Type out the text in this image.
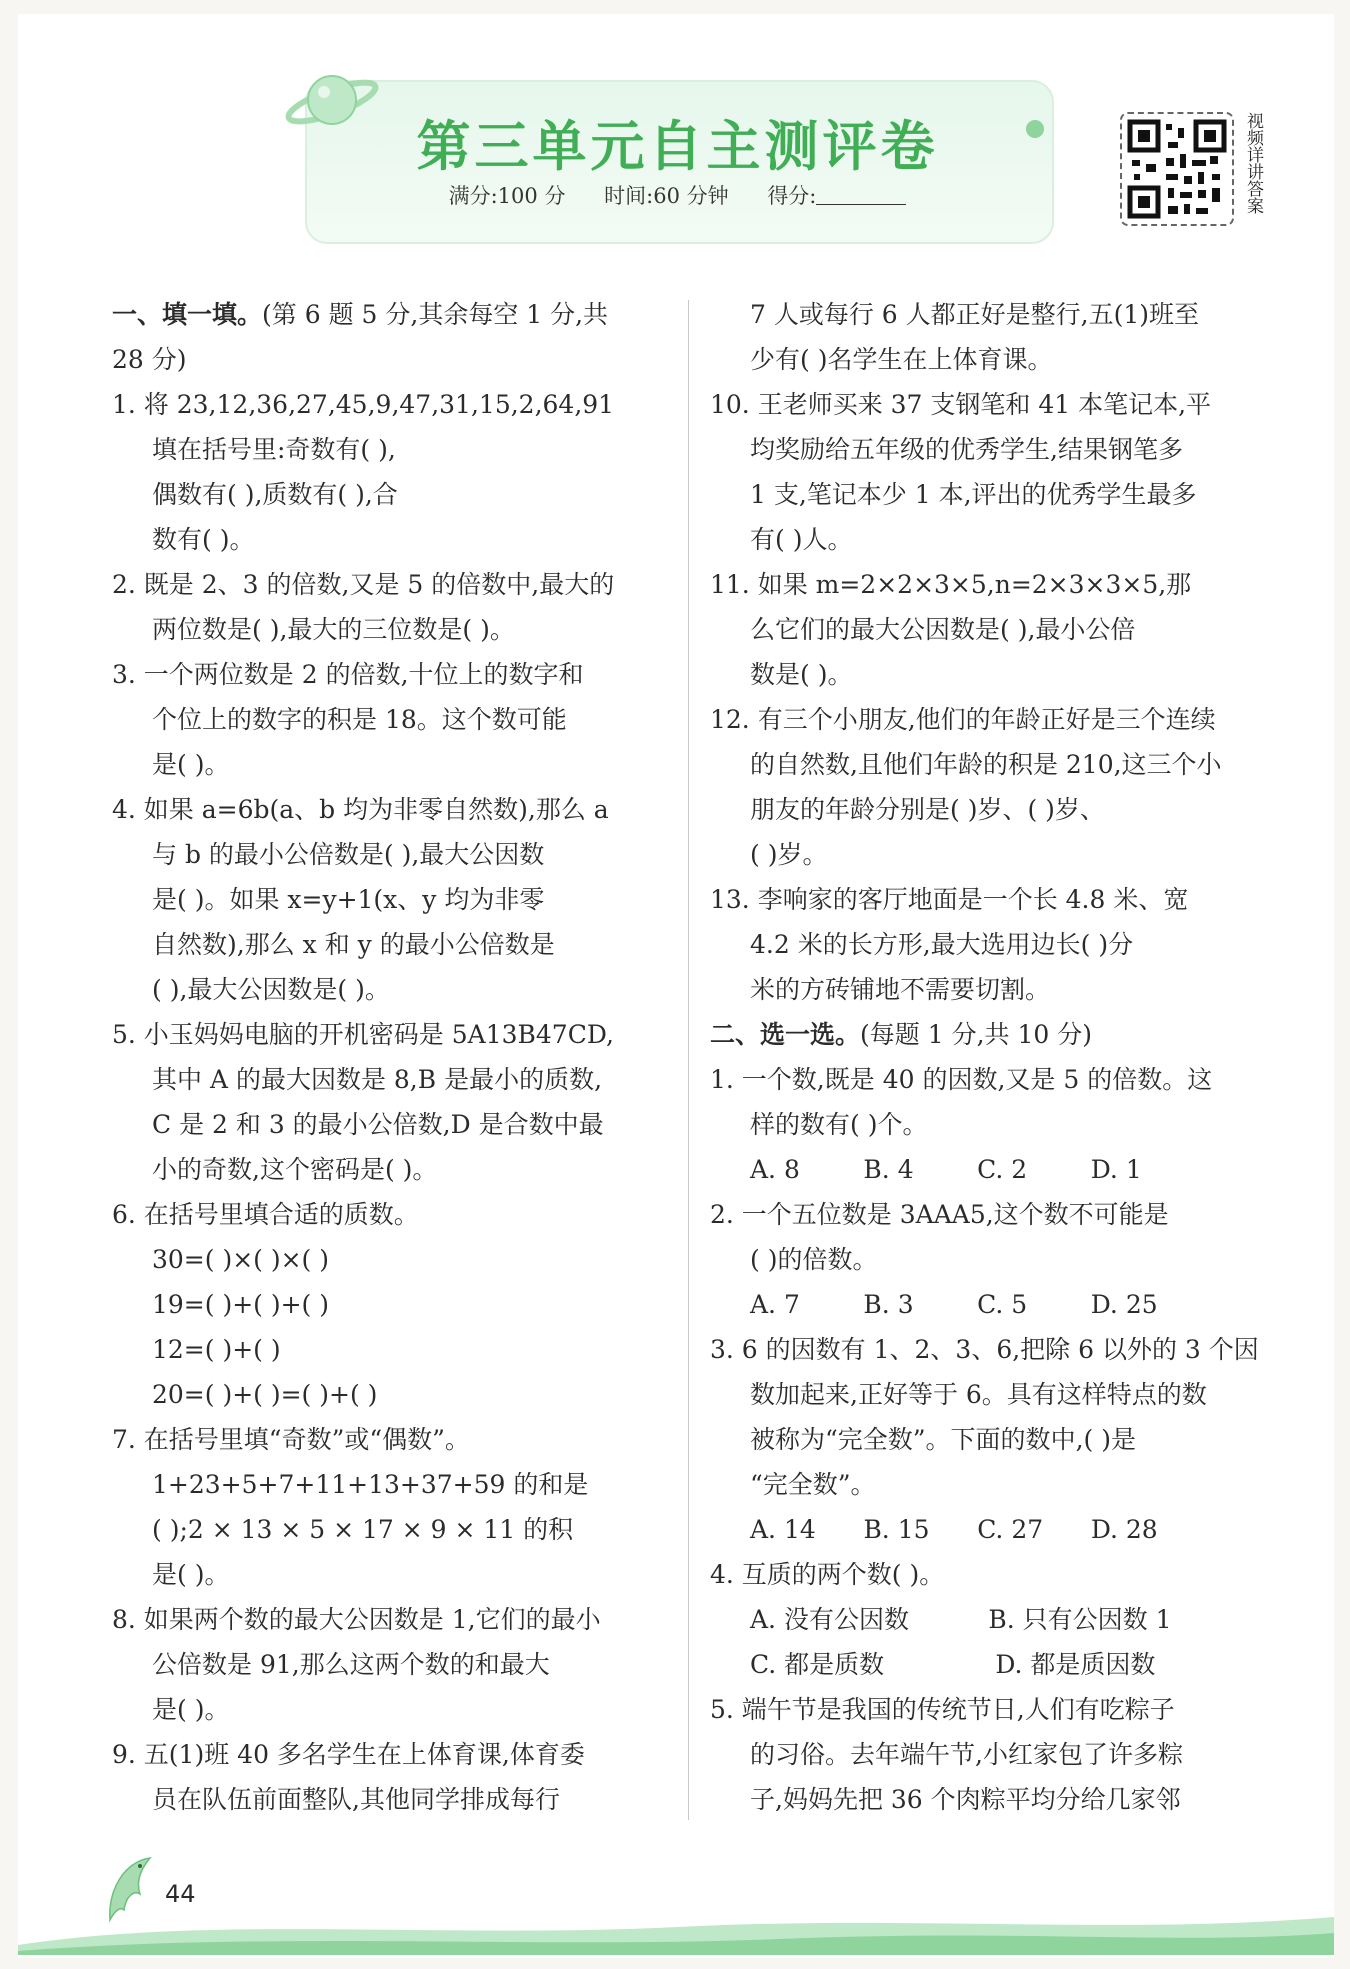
第三单元自主测评卷
满分:100 分 时间:60 分钟 得分:	视频详讲答案
一、填一填。(第 6 题 5 分,其余每空 1 分,共
28 分)
1. 将 23,12,36,27,45,9,47,31,15,2,64,91
填在括号里:奇数有( ),
偶数有( ),质数有( ),合
数有( )。
2. 既是 2、3 的倍数,又是 5 的倍数中,最大的
两位数是( ),最大的三位数是( )。
3. 一个两位数是 2 的倍数,十位上的数字和
个位上的数字的积是 18。这个数可能
是( )。
4. 如果 a=6b(a、b 均为非零自然数),那么 a
与 b 的最小公倍数是( ),最大公因数
是( )。如果 x=y+1(x、y 均为非零
自然数),那么 x 和 y 的最小公倍数是
( ),最大公因数是( )。
5. 小玉妈妈电脑的开机密码是 5A13B47CD,
其中 A 的最大因数是 8,B 是最小的质数,
C 是 2 和 3 的最小公倍数,D 是合数中最
小的奇数,这个密码是( )。
6. 在括号里填合适的质数。
30=( )×( )×( )
19=( )+( )+( )
12=( )+( )
20=( )+( )=( )+( )
7. 在括号里填“奇数”或“偶数”。
1+23+5+7+11+13+37+59 的和是
( );2 × 13 × 5 × 17 × 9 × 11 的积
是( )。
8. 如果两个数的最大公因数是 1,它们的最小
公倍数是 91,那么这两个数的和最大
是( )。
9. 五(1)班 40 多名学生在上体育课,体育委
员在队伍前面整队,其他同学排成每行
7 人或每行 6 人都正好是整行,五(1)班至
少有( )名学生在上体育课。
10. 王老师买来 37 支钢笔和 41 本笔记本,平
均奖励给五年级的优秀学生,结果钢笔多
1 支,笔记本少 1 本,评出的优秀学生最多
有( )人。
11. 如果 m=2×2×3×5,n=2×3×3×5,那
么它们的最大公因数是( ),最小公倍
数是( )。
12. 有三个小朋友,他们的年龄正好是三个连续
的自然数,且他们年龄的积是 210,这三个小
朋友的年龄分别是( )岁、( )岁、
( )岁。
13. 李响家的客厅地面是一个长 4.8 米、宽
4.2 米的长方形,最大选用边长( )分
米的方砖铺地不需要切割。
二、选一选。(每题 1 分,共 10 分)
1. 一个数,既是 40 的因数,又是 5 的倍数。这
样的数有( )个。
A. 8        B. 4        C. 2        D. 1
2. 一个五位数是 3AAA5,这个数不可能是
( )的倍数。
A. 7        B. 3        C. 5        D. 25
3. 6 的因数有 1、2、3、6,把除 6 以外的 3 个因
数加起来,正好等于 6。具有这样特点的数
被称为“完全数”。下面的数中,( )是
“完全数”。
A. 14      B. 15      C. 27      D. 28
4. 互质的两个数( )。
A. 没有公因数          B. 只有公因数 1
C. 都是质数              D. 都是质因数
5. 端午节是我国的传统节日,人们有吃粽子
的习俗。去年端午节,小红家包了许多粽
子,妈妈先把 36 个肉粽平均分给几家邻
44
